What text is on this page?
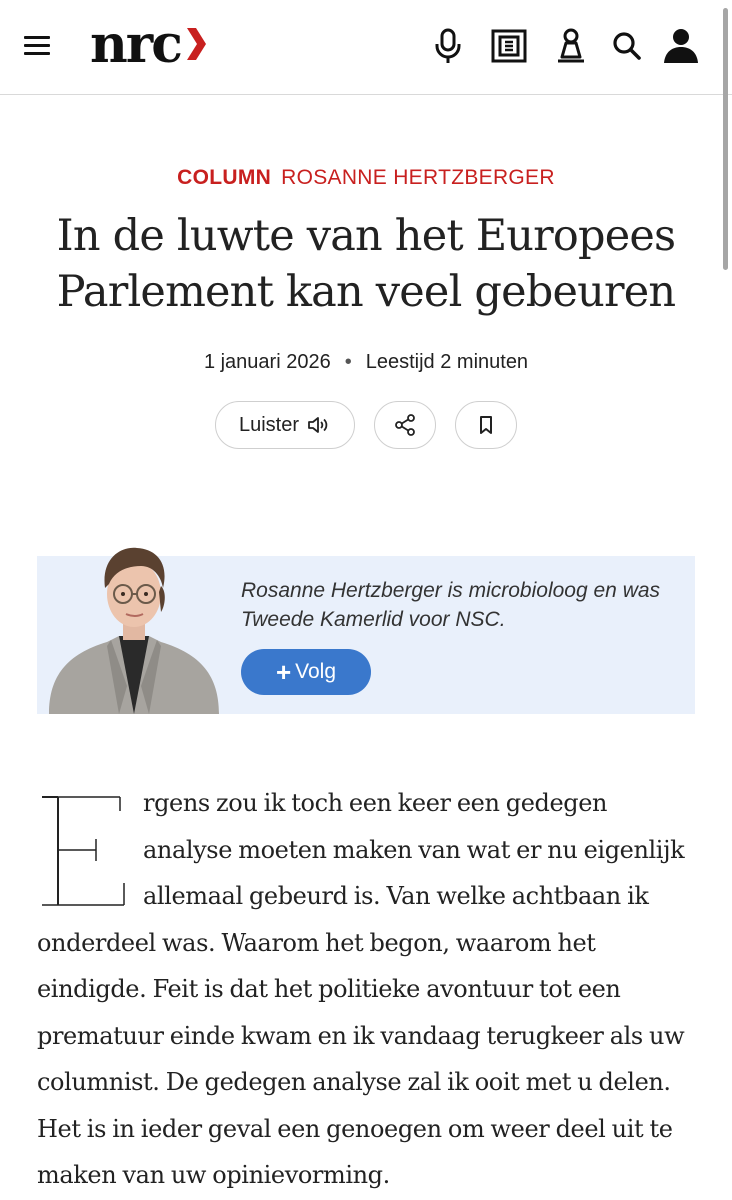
nrc
COLUMN ROSANNE HERTZBERGER
In de luwte van het Europees Parlement kan veel gebeuren
1 januari 2026 • Leestijd 2 minuten
Luister
Rosanne Hertzberger is microbioloog en was Tweede Kamerlid voor NSC.
+ Volg
rgens zou ik toch een keer een gedegen
analyse moeten maken van wat er nu eigenlijk
allemaal gebeurd is. Van welke achtbaan ik
onderdeel was. Waarom het begon, waarom het
eindigde. Feit is dat het politieke avontuur tot een
prematuur einde kwam en ik vandaag terugkeer als uw
columnist. De gedegen analyse zal ik ooit met u delen.
Het is in ieder geval een genoegen om weer deel uit te
maken van uw opinievorming.
